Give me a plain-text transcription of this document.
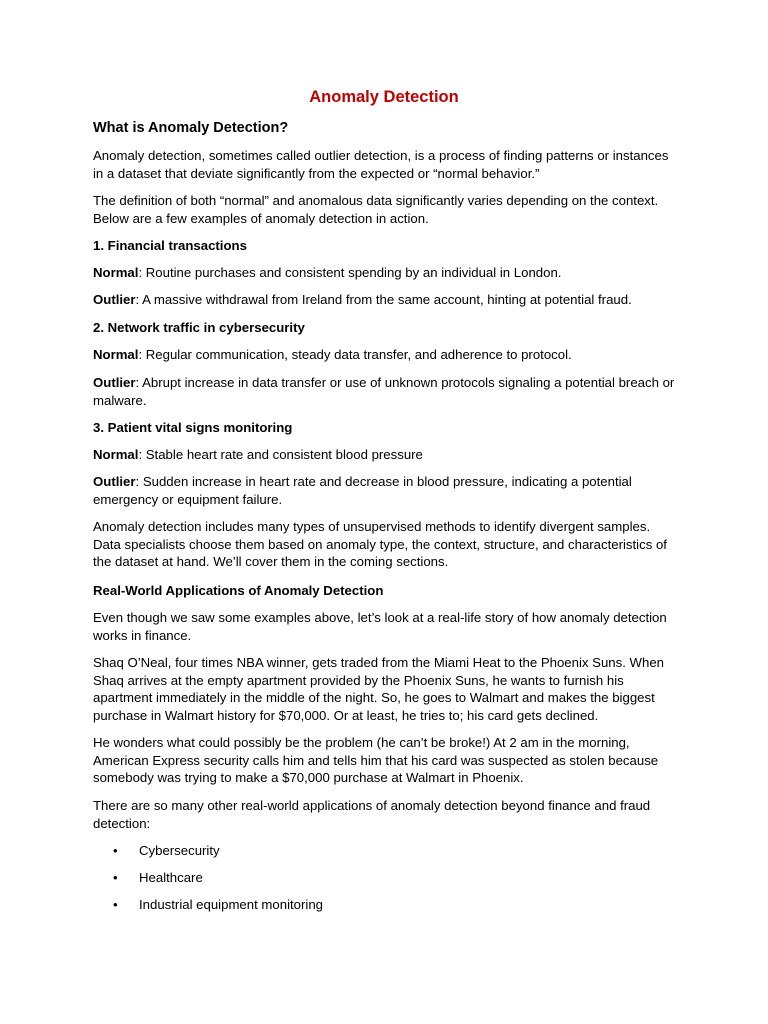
Anomaly Detection
What is Anomaly Detection?
Anomaly detection, sometimes called outlier detection, is a process of finding patterns or instances
in a dataset that deviate significantly from the expected or “normal behavior.”
The definition of both “normal” and anomalous data significantly varies depending on the context.
Below are a few examples of anomaly detection in action.
1. Financial transactions
Normal: Routine purchases and consistent spending by an individual in London.
Outlier: A massive withdrawal from Ireland from the same account, hinting at potential fraud.
2. Network traffic in cybersecurity
Normal: Regular communication, steady data transfer, and adherence to protocol.
Outlier: Abrupt increase in data transfer or use of unknown protocols signaling a potential breach or
malware.
3. Patient vital signs monitoring
Normal: Stable heart rate and consistent blood pressure
Outlier: Sudden increase in heart rate and decrease in blood pressure, indicating a potential
emergency or equipment failure.
Anomaly detection includes many types of unsupervised methods to identify divergent samples.
Data specialists choose them based on anomaly type, the context, structure, and characteristics of
the dataset at hand. We’ll cover them in the coming sections.
Real-World Applications of Anomaly Detection
Even though we saw some examples above, let’s look at a real-life story of how anomaly detection
works in finance.
Shaq O’Neal, four times NBA winner, gets traded from the Miami Heat to the Phoenix Suns. When
Shaq arrives at the empty apartment provided by the Phoenix Suns, he wants to furnish his
apartment immediately in the middle of the night. So, he goes to Walmart and makes the biggest
purchase in Walmart history for $70,000. Or at least, he tries to; his card gets declined.
He wonders what could possibly be the problem (he can’t be broke!) At 2 am in the morning,
American Express security calls him and tells him that his card was suspected as stolen because
somebody was trying to make a $70,000 purchase at Walmart in Phoenix.
There are so many other real-world applications of anomaly detection beyond finance and fraud
detection:
• Cybersecurity
• Healthcare
• Industrial equipment monitoring
